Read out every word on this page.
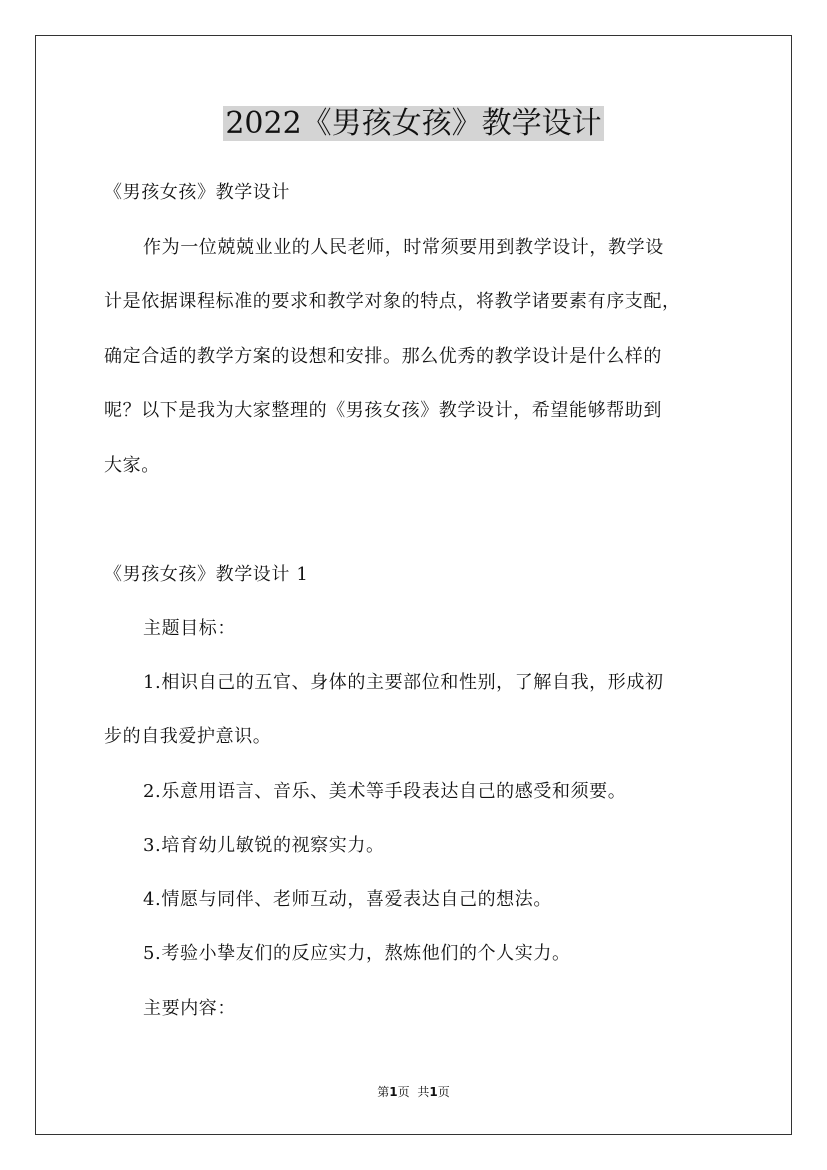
2022《男孩女孩》教学设计
《男孩女孩》教学设计
作为一位兢兢业业的人民老师，时常须要用到教学设计，教学设
计是依据课程标准的要求和教学对象的特点，将教学诸要素有序支配，
确定合适的教学方案的设想和安排。那么优秀的教学设计是什么样的
呢？以下是我为大家整理的《男孩女孩》教学设计，希望能够帮助到
大家。
《男孩女孩》教学设计 1
主题目标：
1.相识自己的五官、身体的主要部位和性别，了解自我，形成初
步的自我爱护意识。
2.乐意用语言、音乐、美术等手段表达自己的感受和须要。
3.培育幼儿敏锐的视察实力。
4.情愿与同伴、老师互动，喜爱表达自己的想法。
5.考验小挚友们的反应实力，熬炼他们的个人实力。
主要内容：
第1页 共1页
